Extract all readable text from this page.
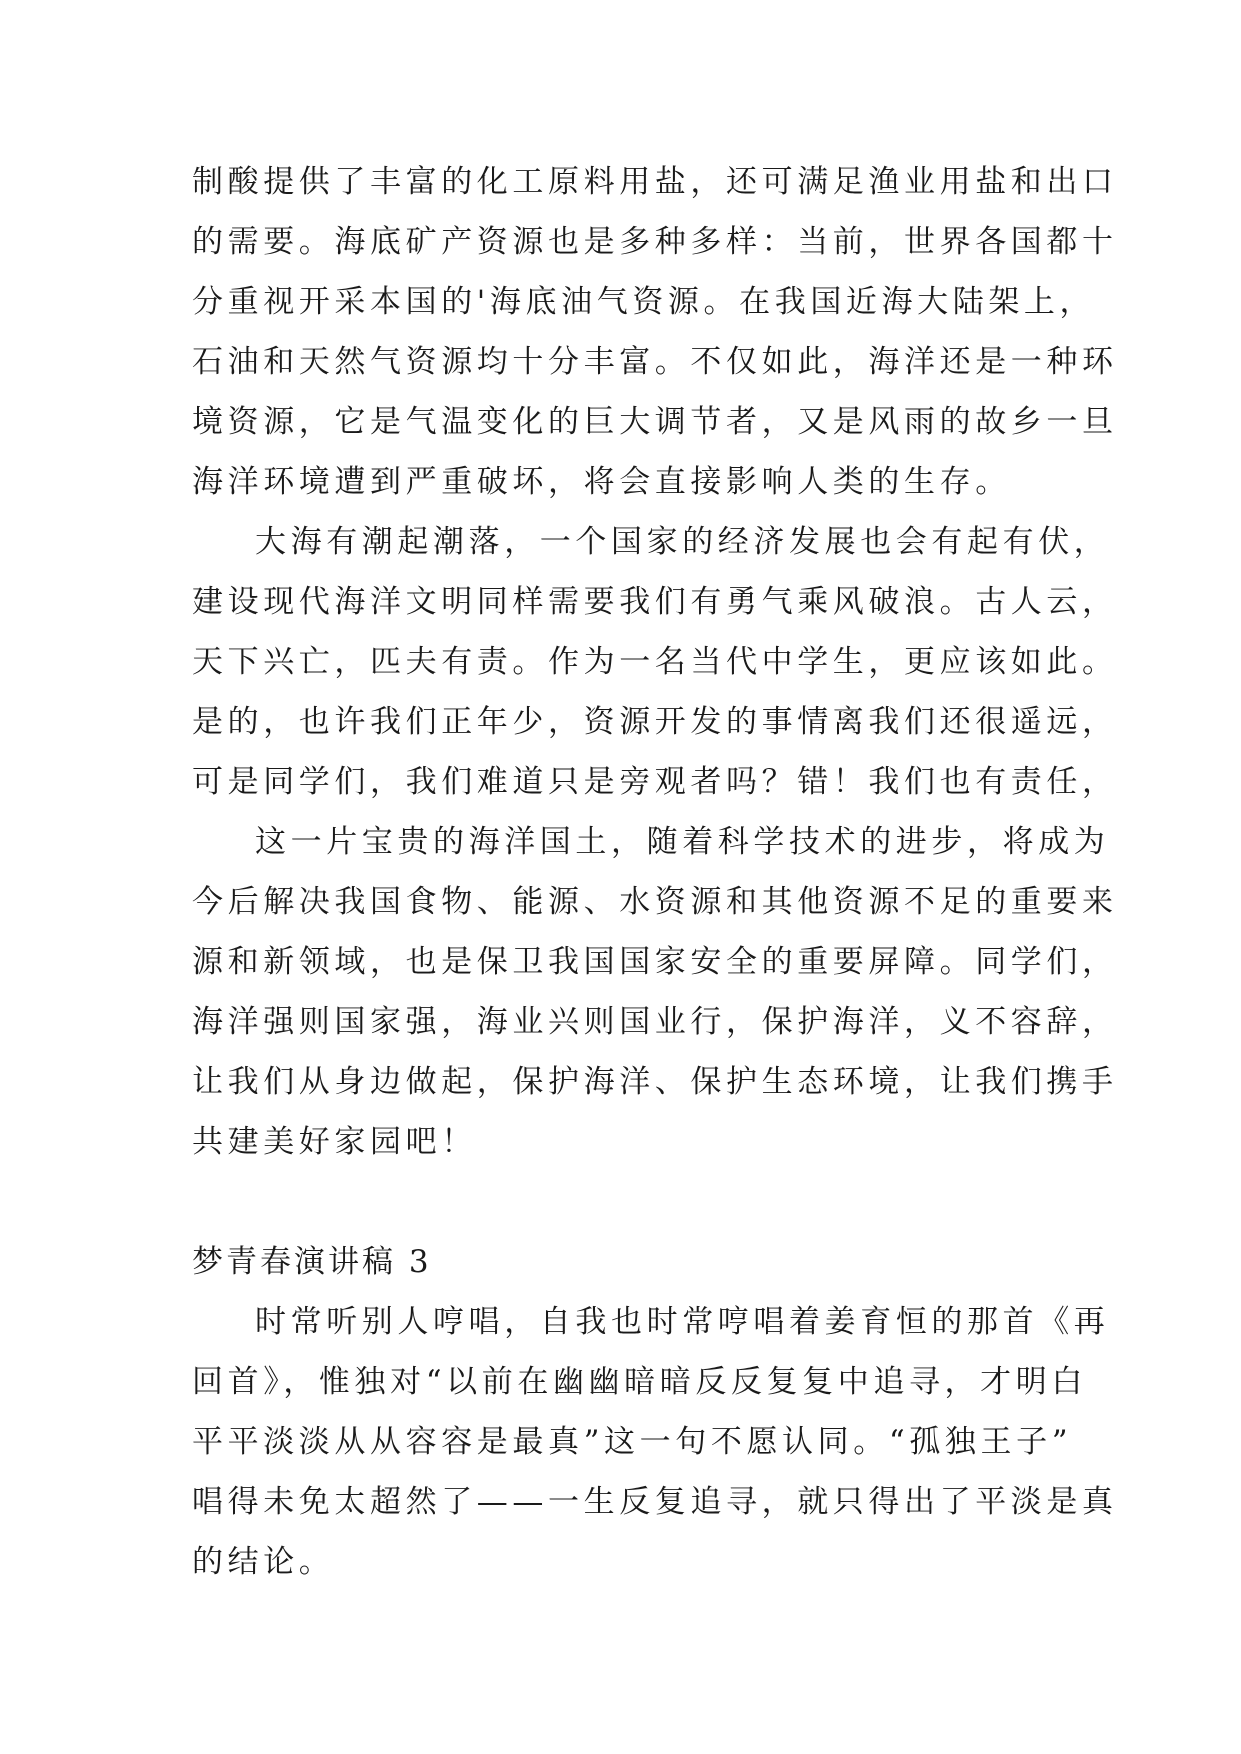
制酸提供了丰富的化工原料用盐，还可满足渔业用盐和出口
的需要。海底矿产资源也是多种多样：当前，世界各国都十
分重视开采本国的'海底油气资源。在我国近海大陆架上，
石油和天然气资源均十分丰富。不仅如此，海洋还是一种环
境资源，它是气温变化的巨大调节者，又是风雨的故乡一旦
海洋环境遭到严重破坏，将会直接影响人类的生存。
大海有潮起潮落，一个国家的经济发展也会有起有伏，
建设现代海洋文明同样需要我们有勇气乘风破浪。古人云，
天下兴亡，匹夫有责。作为一名当代中学生，更应该如此。
是的，也许我们正年少，资源开发的事情离我们还很遥远，
可是同学们，我们难道只是旁观者吗？错！我们也有责任，
这一片宝贵的海洋国土，随着科学技术的进步，将成为
今后解决我国食物、能源、水资源和其他资源不足的重要来
源和新领域，也是保卫我国国家安全的重要屏障。同学们，
海洋强则国家强，海业兴则国业行，保护海洋，义不容辞，
让我们从身边做起，保护海洋、保护生态环境，让我们携手
共建美好家园吧！
梦青春演讲稿 3
时常听别人哼唱，自我也时常哼唱着姜育恒的那首《再
回首》，惟独对“以前在幽幽暗暗反反复复中追寻，才明白
平平淡淡从从容容是最真”这一句不愿认同。“孤独王子”
唱得未免太超然了——一生反复追寻，就只得出了平淡是真
的结论。
